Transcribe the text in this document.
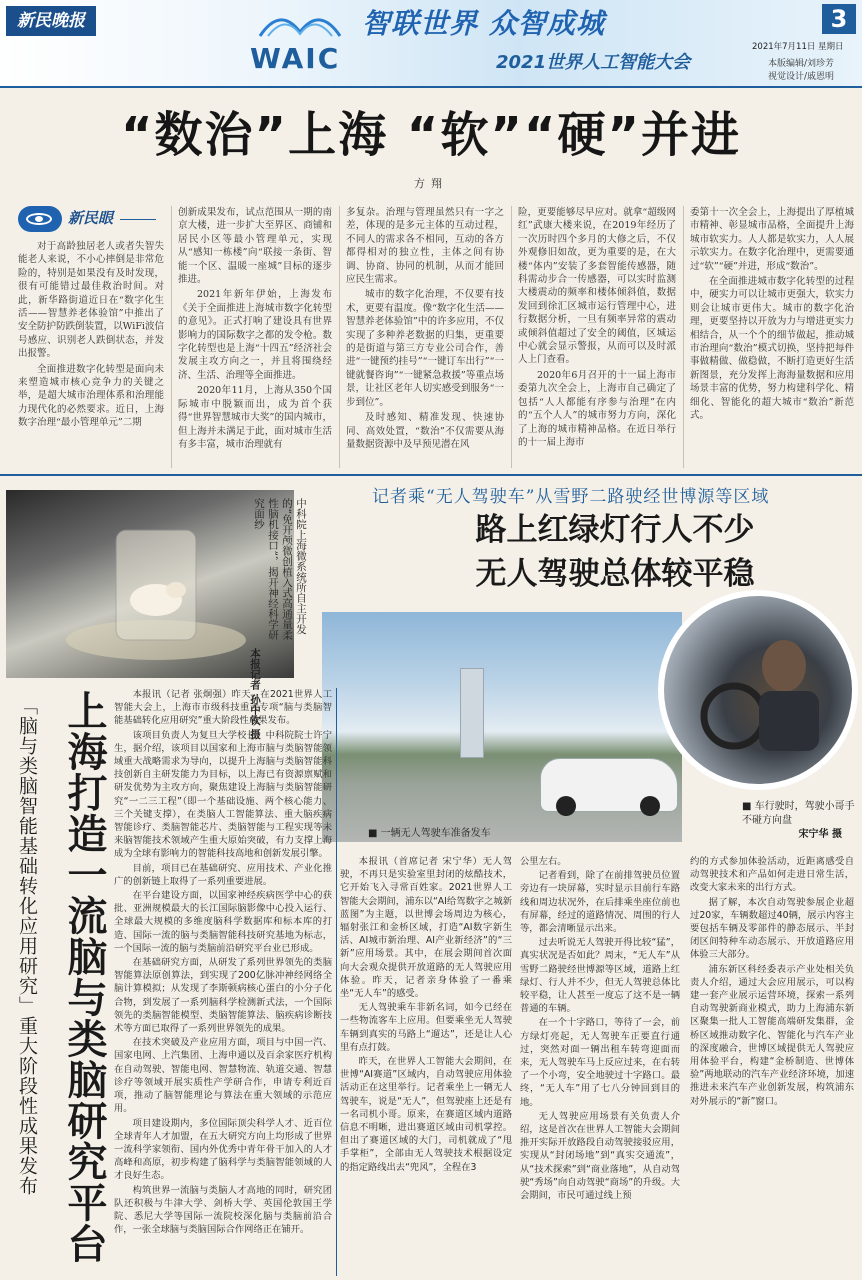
新民晚报
WAIC
智联世界 众智成城
2021世界人工智能大会
3
2021年7月11日 星期日
本版编辑/刘珍芳
视觉设计/戚恩明
“数治”上海 “软”“硬”并进
方翔
新民眼

对于高龄独居老人或者失智失能老人来说，不小心摔倒是非常危险的，特别是如果没有及时发现，很有可能错过最佳救治时间。对此，新华路街道近日在“数字化生活——智慧养老体验馆”中推出了安全防护防跌倒装置，以WiFi波信号感应、识别老人跌倒状态，并发出报警。

全面推进数字化转型是面向未来塑造城市核心竞争力的关键之举，是超大城市治理体系和治理能力现代化的必然要求。近日，上海数字治理“最小管理单元”二期

创新成果发布，试点范围从一期的南京大楼，进一步扩大至界区、商铺和居民小区等最小管理单元，实现从“感知一栋楼”向“联接一条街、智能一个区、温暖一座城”目标的逐步推进。

2021年新年伊始，上海发布《关于全面推进上海城市数字化转型的意见》。正式打响了建设具有世界影响力的国际数字之都的发令枪。数字化转型也是上海“十四五”经济社会发展主攻方向之一，并且将围绕经济、生活、治理等全面推进。

2020年11月，上海从350个国际城市中脱颖而出，成为首个获得“世界智慧城市大奖”的国内城市，但上海并未满足于此，面对城市生活有多丰富，城市治理就有

多复杂。治理与管理虽然只有一字之差，体现的是多元主体的互动过程，不同人的需求各不相同，互动的各方都得相对的独立性，主体之间有协调、协商、协同的机制，从而才能回应民生需求。

城市的数字化治理，不仅要有技术，更要有温度。像“数字化生活——智慧养老体验馆”中的许多应用，不仅实现了多种养老数据的归集，更重要的是街道与第三方专业公司合作，善进“一键预约挂号”“一键订车出行”“一键就餐咨询”“一键紧急救援”等重点场景，让社区老年人切实感受到服务“一步到位”。

及时感知、精准发现、快速协同、高效处置，“数治”不仅需要从海量数据资源中及早预见潜在风

险，更要能够尽早应对。就拿“超级网红”武康大楼来说，在2019年经历了一次历时四个多月的大修之后，不仅外观修旧如故，更为重要的是，在大楼“体内”安装了多套智能传感器，随科需动步合一传感器，可以实时监测大楼震动的频率和楼体倾斜值，数据发回到徐汇区城市运行管理中心，进行数据分析，一旦有频率异常的震动或倾斜值超过了安全的阈值，区城运中心就会显示警报，从而可以及时派人上门查看。

2020年6月召开的十一届上海市委第九次全会上，上海市自己确定了包括“人人都能有序参与治理”在内的“五个人人”的城市努力方向，深化了上海的城市精神品格。在近日举行的十一届上海市

委第十一次全会上，上海提出了厚植城市精神、彰显城市品格，全面提升上海城市软实力。人人都是软实力，人人展示软实力。在数字化治理中，更需要通过“软”“硬”并进，形成“数治”。

在全面推进城市数字化转型的过程中，硬实力可以让城市更强大，软实力则会让城市更伟大。城市的数字化治理，更要坚持以开放为力与增进更实力相结合，从一个个的细节做起，推动城市治理向“数治”模式切换，坚持把每件事做精做、做稳做，不断打造更好生活新图景，充分发挥上海海量数据和应用场景丰富的优势，努力构建科学化、精细化、智能化的超大城市“数治”新范式。

中科院上海微系统所自主开发的“免开颅微创植入式高通量柔性脑机接口”，揭开神经科学研究面纱
本报记者 孙中钦 摄
记者乘“无人驾驶车”从雪野二路驶经世博源等区域
路上红绿灯行人不少
无人驾驶总体较平稳
■ 一辆无人驾驶车准备发车
■ 车行驶时，驾驶小哥手不碰方向盘
宋宁华 摄
上海打造一流脑与类脑研究平台
「脑与类脑智能基础转化应用研究」重大阶段性成果发布

本报讯（记者 张炯强）昨天，在2021世界人工智能大会上，上海市市级科技重大专项“脑与类脑智能基础转化应用研究”重大阶段性成果发布。

该项目负责人为复旦大学校长、中科院院士许宁生，据介绍，该项目以国家和上海市脑与类脑智能领域重大战略需求为导向，以提升上海脑与类脑智能科技创新自主研发能力为目标，以上海已有资源禀赋和研发优势为主攻方向，聚焦建设上海脑与类脑智能研究“一二三工程”（即一个基础设施、两个核心能力、三个关键支撑），在类脑人工智能算法、重大脑疾病智能诊疗、类脑智能芯片、类脑智能与工程实现等未来脑智能技术领域产生重大原始突破，有力支撑上海成为全球有影响力的智能科技高地和创新发展引擎。

目前，项目已在基础研究、应用技术、产业化推广的创新链上取得了一系列重要进展。

在平台建设方面，以国家神经疾病医学中心的获批、亚洲规模最大的长江国际脑影像中心投入运行、全球最大规模的多维度脑科学数据库和标本库的打造、国际一流的脑与类脑智能科技研究基地为标志，一个国际一流的脑与类脑前沿研究平台业已形成。

在基础研究方面，从研发了系列世界领先的类脑智能算法原创算法，到实现了200亿脉冲神经网络全脑计算模拟；从发现了李斯顿病核心蛋白的小分子化合物，到发展了一系列脑科学检测新式法，一个国际领先的类脑智能模型、类脑智能算法、脑疾病诊断技术等方面已取得了一系列世界领先的成果。

在技术突破及产业应用方面，项目与中国一汽、国家电网、上汽集团、上海申通以及百余家医疗机构在自动驾驶、智能电网、智慧物流、轨道交通、智慧诊疗等领域开展实质性产学研合作，申请专利近百项，推动了脑智能理论与算法在重大领域的示范应用。

项目建设期内，多位国际顶尖科学人才、近百位全球青年人才加盟，在五大研究方向上均形成了世界一流科学家领衔、国内外优秀中青年骨干加入的人才高峰和高原，初步构建了脑科学与类脑智能领域的人才良好生态。

构筑世界一流脑与类脑人才高地的同时，研究团队还积极与牛津大学、剑桥大学、英国伦敦国王学院、悉尼大学等国际一流院校深化脑与类脑前沿合作，一张全球脑与类脑国际合作网络正在铺开。

本报讯（首席记者 宋宁华）无人驾驶，不再只是实验室里封闭的炫酷技术，它开始飞入寻常百姓家。2021世界人工智能大会期间，浦东以“AI给驾数字之城新蓝图”为主题，以世博会场周边为核心，辐射张江和金桥区域，打造“AI数字新生活、AI城市新治理、AI产业新经济”的“三新”应用场景。其中，在展会期间首次面向大会观众提供开放道路的无人驾驶应用体验。昨天，记者亲身体验了一番乘坐“无人车”的感受。

无人驾驶乘车非新名词，如今已经在一些物流客车上应用。但要乘坐无人驾驶车辆到真实的马路上“遛达”，还是让人心里有点打鼓。

昨天，在世界人工智能大会期间，在世博“AI赛道”区域内，自动驾驶应用体验活动正在这里举行。记者乘坐上一辆无人驾驶车，说是“无人”，但驾驶座上还是有一名司机小哥。原来，在赛道区域内道路信息不明晰，进出赛道区域由司机掌控。但出了赛道区域的大门，司机就成了“甩手掌柜”，全部由无人驾驶技术根据设定的指定路线出去“兜风”，全程在3

公里左右。

记者看到，除了在前排驾驶员位置旁边有一块屏幕，实时显示目前行车路线和周边状况外，在后排乘坐座位前也有屏幕，经过的道路情况、周围的行人等，都会清晰显示出来。

过去听说无人驾驶开得比较“猛”，真实状况是否如此？周末，“无人车”从雪野二路驶经世博源等区域，道路上红绿灯、行人并不少，但无人驾驶总体比较平稳，让人甚至一度忘了这不是一辆普通的车辆。

在一个十字路口，等待了一会，前方绿灯亮起，无人驾驶车正要直行通过，突然对面一辆出租车转弯迎面而来，无人驾驶车马上反应过来，在右转了一个小弯，安全地驶过十字路口。最终，“无人车”用了七八分钟回到目的地。

无人驾驶应用场景有关负责人介绍，这是首次在世界人工智能大会期间推开实际开放路段自动驾驶接驳应用，实现从“封闭场地”到“真实交通流”，从“技术探索”到“商业落地”，从自动驾驶“秀场”向自动驾驶“商场”的升级。大会期间，市民可通过线上预

约的方式参加体验活动，近距离感受自动驾驶技术和产品如何走进日常生活，改变大家未来的出行方式。

据了解，本次自动驾驶参展企业超过20家，车辆数超过40辆，展示内容主要包括车辆及零部件的静态展示、半封闭区间特种车动态展示、开放道路应用体验三大部分。

浦东新区科经委表示产业处相关负责人介绍，通过大会应用展示，可以构建一套产业展示运营环境，探索一系列自动驾驶新商业模式，助力上海浦东新区聚集一批人工智能高端研发集群，金桥区域推动数字化、智能化与汽车产业的深度融合，世博区域提供无人驾驶应用体验平台，构建“金桥制造、世博体验”两地联动的汽车产业经济环境，加速推进未来汽车产业创新发展，构筑浦东对外展示的“新”窗口。
